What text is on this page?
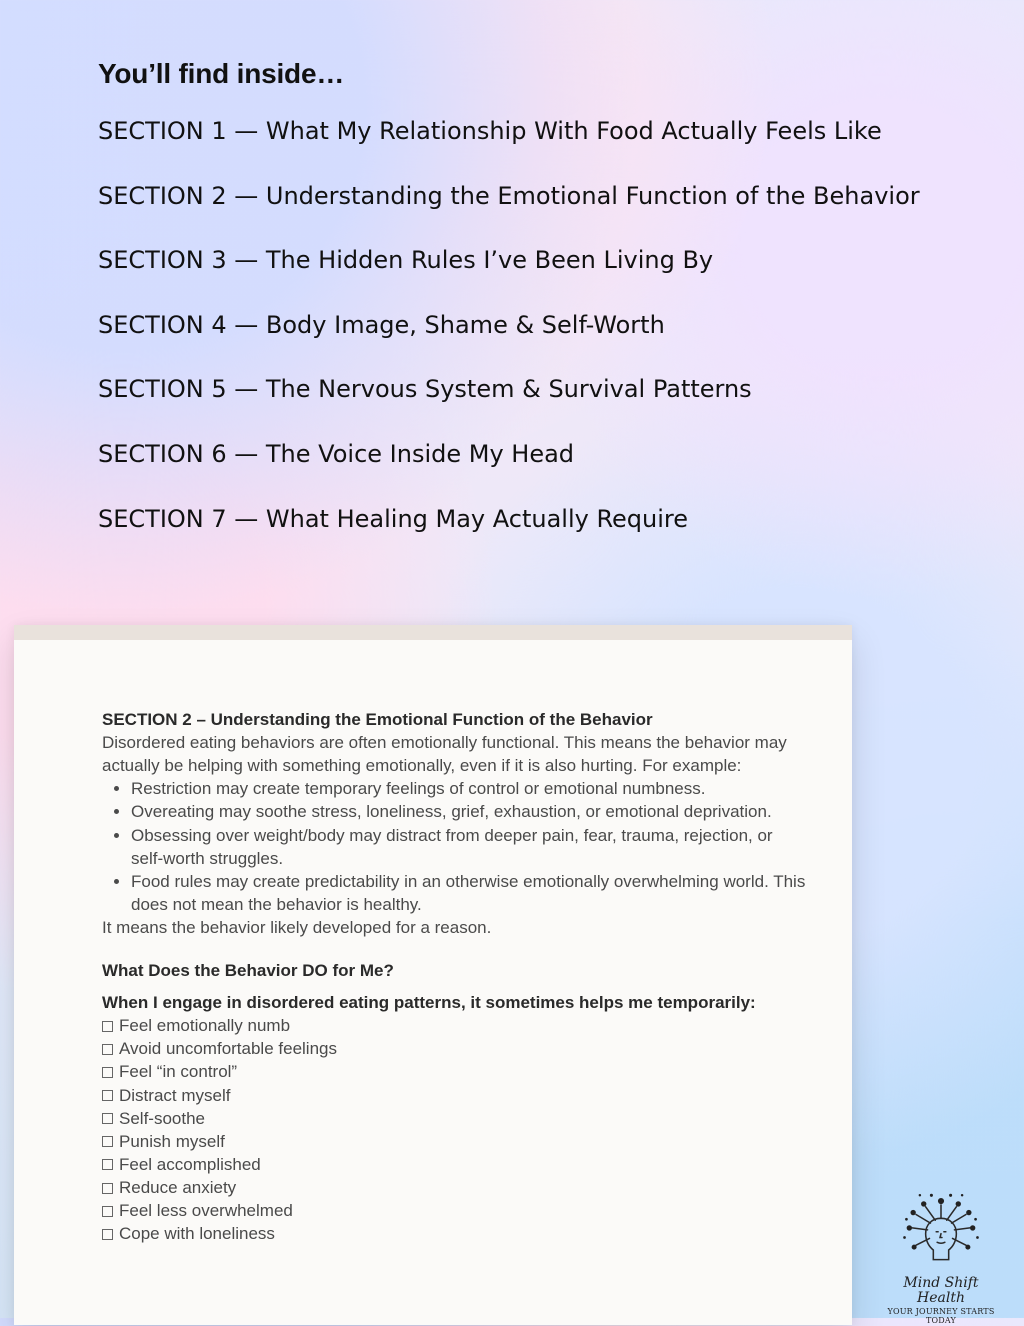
You’ll find inside…
SECTION 1 — What My Relationship With Food Actually Feels Like
SECTION 2 — Understanding the Emotional Function of the Behavior
SECTION 3 — The Hidden Rules I’ve Been Living By
SECTION 4 — Body Image, Shame & Self-Worth
SECTION 5 — The Nervous System & Survival Patterns
SECTION 6 — The Voice Inside My Head
SECTION 7 — What Healing May Actually Require
SECTION 2 – Understanding the Emotional Function of the Behavior

Disordered eating behaviors are often emotionally functional. This means the behavior may actually be helping with something emotionally, even if it is also hurting. For example:

• Restriction may create temporary feelings of control or emotional numbness.
• Overeating may soothe stress, loneliness, grief, exhaustion, or emotional deprivation.
• Obsessing over weight/body may distract from deeper pain, fear, trauma, rejection, or self-worth struggles.
• Food rules may create predictability in an otherwise emotionally overwhelming world. This does not mean the behavior is healthy.

It means the behavior likely developed for a reason.

What Does the Behavior DO for Me?

When I engage in disordered eating patterns, it sometimes helps me temporarily:

Feel emotionally numb
Avoid uncomfortable feelings
Feel “in control”
Distract myself
Self-soothe
Punish myself
Feel accomplished
Reduce anxiety
Feel less overwhelmed
Cope with loneliness
Mind Shift Health
YOUR JOURNEY STARTS TODAY
